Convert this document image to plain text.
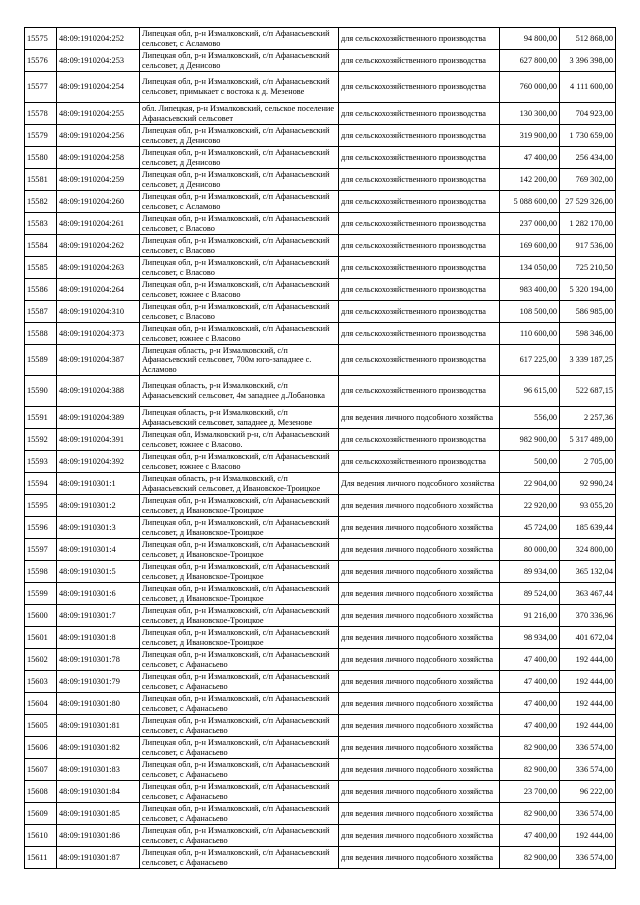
15575	48:09:1910204:252	Липецкая обл, р-н Измалковский, с/п Афанасьевский сельсовет, с Асламово	для сельскохозяйственного производства	94 800,00	512 868,00
15576	48:09:1910204:253	Липецкая обл, р-н Измалковский, с/п Афанасьевский сельсовет, д Денисово	для сельскохозяйственного производства	627 800,00	3 396 398,00
15577	48:09:1910204:254	Липецкая обл, р-н Измалковский, с/п Афанасьевский сельсовет, примыкает с востока к д. Мезенове	для сельскохозяйственного производства	760 000,00	4 111 600,00
15578	48:09:1910204:255	обл. Липецкая, р-н Измалковский, сельское поселение Афанасьевский сельсовет	для сельскохозяйственного производства	130 300,00	704 923,00
15579	48:09:1910204:256	Липецкая обл, р-н Измалковский, с/п Афанасьевский сельсовет, д Денисово	для сельскохозяйственного производства	319 900,00	1 730 659,00
15580	48:09:1910204:258	Липецкая обл, р-н Измалковский, с/п Афанасьевский сельсовет, д Денисово	для сельскохозяйственного производства	47 400,00	256 434,00
15581	48:09:1910204:259	Липецкая обл, р-н Измалковский, с/п Афанасьевский сельсовет, д Денисово	для сельскохозяйственного производства	142 200,00	769 302,00
15582	48:09:1910204:260	Липецкая обл, р-н Измалковский, с/п Афанасьевский сельсовет, с Асламово	для сельскохозяйственного производства	5 088 600,00	27 529 326,00
15583	48:09:1910204:261	Липецкая обл, р-н Измалковский, с/п Афанасьевский сельсовет, с Власово	для сельскохозяйственного производства	237 000,00	1 282 170,00
15584	48:09:1910204:262	Липецкая обл, р-н Измалковский, с/п Афанасьевский сельсовет, с Власово	для сельскохозяйственного производства	169 600,00	917 536,00
15585	48:09:1910204:263	Липецкая обл, р-н Измалковский, с/п Афанасьевский сельсовет, с Власово	для сельскохозяйственного производства	134 050,00	725 210,50
15586	48:09:1910204:264	Липецкая обл, р-н Измалковский, с/п Афанасьевский сельсовет, южнее с Власово	для сельскохозяйственного производства	983 400,00	5 320 194,00
15587	48:09:1910204:310	Липецкая обл, р-н Измалковский, с/п Афанасьевский сельсовет, с Власово	для сельскохозяйственного производства	108 500,00	586 985,00
15588	48:09:1910204:373	Липецкая обл, р-н Измалковский, с/п Афанасьевский сельсовет, южнее с Власово	для сельскохозяйственного производства	110 600,00	598 346,00
15589	48:09:1910204:387	Липецкая область, р-н Измалковский, с/п Афанасьевский сельсовет, 700м юго-западнее с. Асламово	для сельскохозяйственного производства	617 225,00	3 339 187,25
15590	48:09:1910204:388	Липецкая область, р-н Измалковский, с/п Афанасьевский сельсовет, 4м западнее д.Лобановка	для сельскохозяйственного производства	96 615,00	522 687,15
15591	48:09:1910204:389	Липецкая область, р-н Измалковский, с/п Афанасьевский сельсовет, западнее д. Мезенове	для ведения личного подсобного хозяйства	556,00	2 257,36
15592	48:09:1910204:391	Липецкая обл, Измалковский р-н, с/п Афанасьевский сельсовет, южнее с Власово.	для сельскохозяйственного производства	982 900,00	5 317 489,00
15593	48:09:1910204:392	Липецкая обл, р-н Измалковский, с/п Афанасьевский сельсовет, южнее с Власово	для сельскохозяйственного производства	500,00	2 705,00
15594	48:09:1910301:1	Липецкая область, р-н Измалковский, с/п Афанасьевский сельсовет, д Ивановское-Троицкое	Для ведения личного подсобного хозяйства	22 904,00	92 990,24
15595	48:09:1910301:2	Липецкая обл, р-н Измалковский, с/п Афанасьевский сельсовет, д Ивановское-Троицкое	для ведения личного подсобного хозяйства	22 920,00	93 055,20
15596	48:09:1910301:3	Липецкая обл, р-н Измалковский, с/п Афанасьевский сельсовет, д Ивановское-Троицкое	для ведения личного подсобного хозяйства	45 724,00	185 639,44
15597	48:09:1910301:4	Липецкая обл, р-н Измалковский, с/п Афанасьевский сельсовет, д Ивановское-Троицкое	для ведения личного подсобного хозяйства	80 000,00	324 800,00
15598	48:09:1910301:5	Липецкая обл, р-н Измалковский, с/п Афанасьевский сельсовет, д Ивановское-Троицкое	для ведения личного подсобного хозяйства	89 934,00	365 132,04
15599	48:09:1910301:6	Липецкая обл, р-н Измалковский, с/п Афанасьевский сельсовет, д Ивановское-Троицкое	для ведения личного подсобного хозяйства	89 524,00	363 467,44
15600	48:09:1910301:7	Липецкая обл, р-н Измалковский, с/п Афанасьевский сельсовет, д Ивановское-Троицкое	для ведения личного подсобного хозяйства	91 216,00	370 336,96
15601	48:09:1910301:8	Липецкая обл, р-н Измалковский, с/п Афанасьевский сельсовет, д Ивановское-Троицкое	для ведения личного подсобного хозяйства	98 934,00	401 672,04
15602	48:09:1910301:78	Липецкая обл, р-н Измалковский, с/п Афанасьевский сельсовет, с Афанасьево	для ведения личного подсобного хозяйства	47 400,00	192 444,00
15603	48:09:1910301:79	Липецкая обл, р-н Измалковский, с/п Афанасьевский сельсовет, с Афанасьево	для ведения личного подсобного хозяйства	47 400,00	192 444,00
15604	48:09:1910301:80	Липецкая обл, р-н Измалковский, с/п Афанасьевский сельсовет, с Афанасьево	для ведения личного подсобного хозяйства	47 400,00	192 444,00
15605	48:09:1910301:81	Липецкая обл, р-н Измалковский, с/п Афанасьевский сельсовет, с Афанасьево	для ведения личного подсобного хозяйства	47 400,00	192 444,00
15606	48:09:1910301:82	Липецкая обл, р-н Измалковский, с/п Афанасьевский сельсовет, с Афанасьево	для ведения личного подсобного хозяйства	82 900,00	336 574,00
15607	48:09:1910301:83	Липецкая обл, р-н Измалковский, с/п Афанасьевский сельсовет, с Афанасьево	для ведения личного подсобного хозяйства	82 900,00	336 574,00
15608	48:09:1910301:84	Липецкая обл, р-н Измалковский, с/п Афанасьевский сельсовет, с Афанасьево	для ведения личного подсобного хозяйства	23 700,00	96 222,00
15609	48:09:1910301:85	Липецкая обл, р-н Измалковский, с/п Афанасьевский сельсовет, с Афанасьево	для ведения личного подсобного хозяйства	82 900,00	336 574,00
15610	48:09:1910301:86	Липецкая обл, р-н Измалковский, с/п Афанасьевский сельсовет, с Афанасьево	для ведения личного подсобного хозяйства	47 400,00	192 444,00
15611	48:09:1910301:87	Липецкая обл, р-н Измалковский, с/п Афанасьевский сельсовет, с Афанасьево	для ведения личного подсобного хозяйства	82 900,00	336 574,00
